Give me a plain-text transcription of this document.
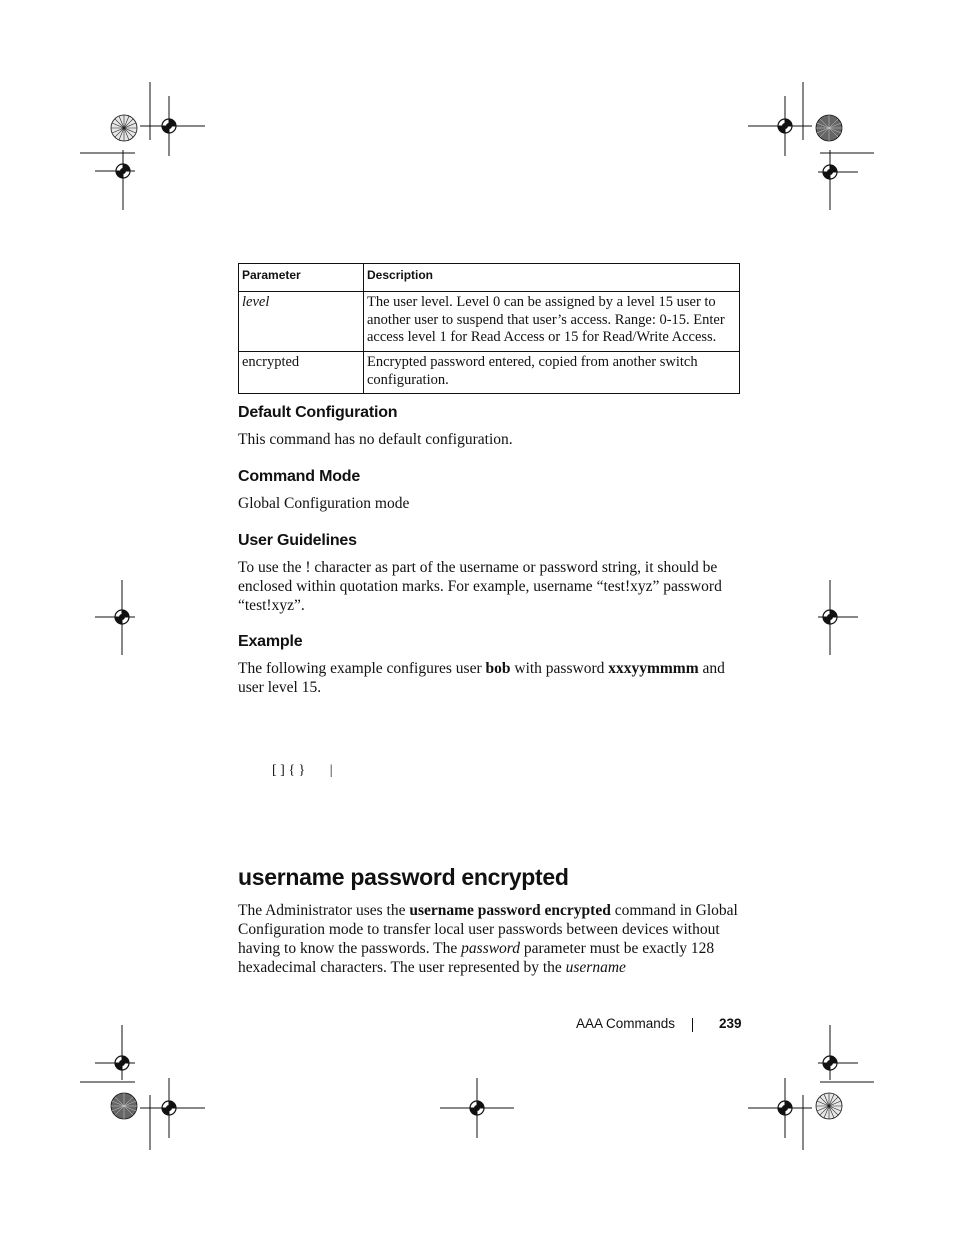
Parameter	Description
level	The user level. Level 0 can be assigned by a level 15 user to another user to suspend that user’s access. Range: 0-15. Enter access level 1 for Read Access or 15 for Read/Write Access.
encrypted	Encrypted password entered, copied from another switch configuration.
Default Configuration

This command has no default configuration.

Command Mode

Global Configuration mode

User Guidelines

To use the ! character as part of the username or password string, it should be enclosed within quotation marks. For example, username “test!xyz” password “test!xyz”.

Example

The following example configures user bob with password xxxyymmmm and user level 15.

[ ] { }       |
username password encrypted

The Administrator uses the username password encrypted command in Global Configuration mode to transfer local user passwords between devices without having to know the passwords. The password parameter must be exactly 128 hexadecimal characters. The user represented by the username

AAA Commands	239
